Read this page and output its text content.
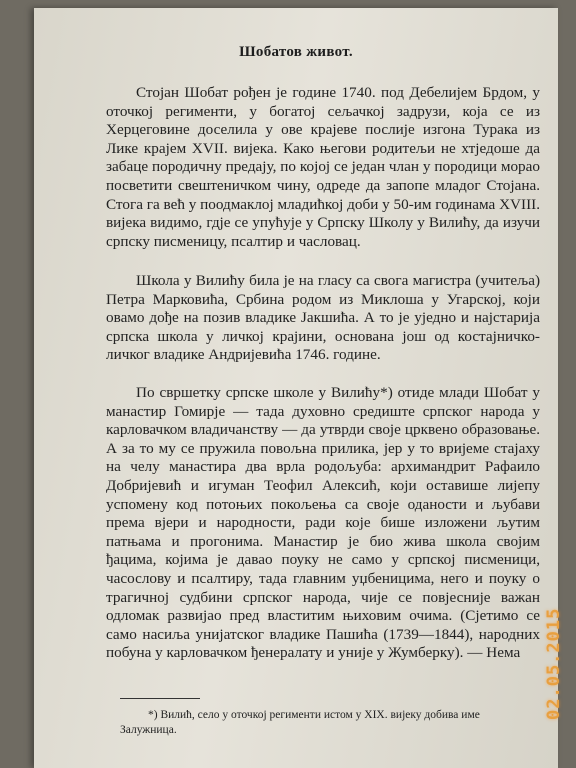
Шобатов живот.

Стојан Шобат рођен је године 1740. под Дебелијем Брдом, у оточкој регименти, у богатој сељачкој задрузи, која се из Херцеговине доселила у ове крајеве послије изгона Турака из Лике крајем XVII. вијека. Како његови родитељи не хтједоше да забаце породичну предају, по којој се један члан у породици морао посветити свештеничком чину, одреде да запопе младог Стојана. Стога га већ у поодмаклој младићкој доби у 50-им годинама XVIII. вијека видимо, гдје се упућује у Српску Школу у Вилићу, да изучи српску писменицу, псалтир и часловац.

Школа у Вилићу била је на гласу са свога магистра (учитеља) Петра Марковића, Србина родом из Миклоша у Угарској, који овамо дође на позив владике Јакшића. А то је уједно и најстарија српска школа у личкој крајини, основана још од костајничко-личког владике Андријевића 1746. године.

По свршетку српске школе у Вилићу*) отиде млади Шобат у манастир Гомирје — тада духовно средиште српског народа у карловачком владичанству — да утврди своје црквено образовање. А за то му се пружила повољна прилика, јер у то вријеме стајаху на челу манастира два врла родољуба: архимандрит Рафаило Добријевић и игуман Теофил Алексић, који оставише лијепу успомену код потоњих покољења са своје оданости и љубави према вјери и народности, ради које бише изложени љутим патњама и прогонима. Манастир је био жива школа својим ђацима, којима је давао поуку не само у српској писменици, часослову и псалтиру, тада главним уџбеницима, него и поуку о трагичној судбини српског народа, чије се повјесније важан одломак развијао пред властитим њиховим очима. (Сјетимо се само насиља унијатског владике Пашића (1739—1844), народних побуна у карловачком ђенералату и уније у Жумберку). — Нема

*) Вилић, село у оточкој регименти истом у XIX. вијеку добива име Залужница.
02.05.2015
